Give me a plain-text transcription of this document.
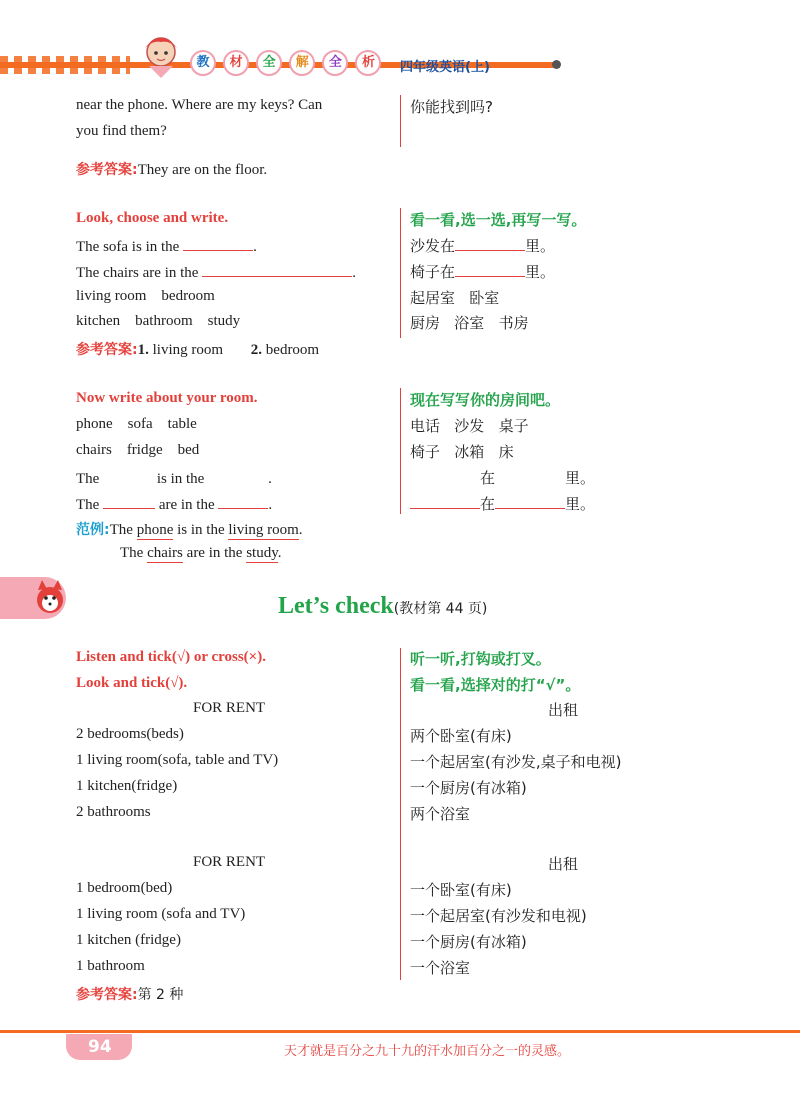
教 材 全 解 全 析	四年级英语(上)
near the phone. Where are my keys? Can
you find them?
你能找到吗?
参考答案:They are on the floor.
Look, choose and write.	看一看,选一选,再写一写。
The sofa is in the	.
The chairs are in the	.
living room    bedroom
kitchen    bathroom    study
沙发在	里。
椅子在	里。
起居室   卧室
厨房   浴室   书房
参考答案:1. living room 2. bedroom
Now write about your room.	现在写写你的房间吧。
phone    sofa    table
chairs    fridge    bed
电话   沙发   桌子
椅子   冰箱   床
The	is in the	.
The	are in the	.
在	里。
在	里。
范例:The phone is in the living room.
The chairs are in the study.
Let’s check(教材第 44 页)
Listen and tick(√) or cross(×).
Look and tick(√).
听一听,打钩或打叉。
看一看,选择对的打“√”。
FOR RENT
2 bedrooms(beds)
1 living room(sofa, table and TV)
1 kitchen(fridge)
2 bathrooms
出租
两个卧室(有床)
一个起居室(有沙发,桌子和电视)
一个厨房(有冰箱)
两个浴室
FOR RENT
1 bedroom(bed)
1 living room (sofa and TV)
1 kitchen (fridge)
1 bathroom
出租
一个卧室(有床)
一个起居室(有沙发和电视)
一个厨房(有冰箱)
一个浴室
参考答案:第 2 种
94	天才就是百分之九十九的汗水加百分之一的灵感。
